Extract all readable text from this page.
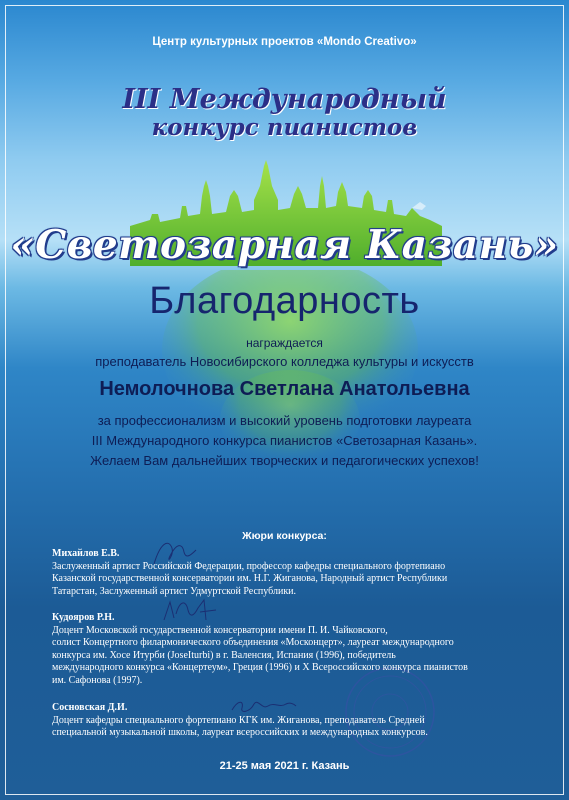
Центр культурных проектов «Mondo Creativo»
III Международный
конкурс пианистов
«Светозарная Казань»
Благодарность
награждается
преподаватель Новосибирского колледжа культуры и искусств
Немолочнова Светлана Анатольевна
за профессионализм и высокий уровень подготовки лауреата
III Международного конкурса пианистов «Светозарная Казань».
Желаем Вам дальнейших творческих и педагогических успехов!
Жюри конкурса:
Михайлов Е.В.
Заслуженный артист Российской Федерации, профессор кафедры специального фортепиано
Казанской государственной консерватории им. Н.Г. Жиганова, Народный артист Республики
Татарстан, Заслуженный артист Удмуртской Республики.
Кудояров Р.Н.
Доцент Московской государственной консерватории имени П. И. Чайковского,
солист Концертного филармонического объединения «Москонцерт», лауреат международного
конкурса им. Хосе Итурби (JoseIturbi) в г. Валенсия, Испания (1996), победитель
международного конкурса «Концертеум», Греция (1996) и X Всероссийского конкурса пианистов
им. Сафонова (1997).
Сосновская Д.И.
Доцент кафедры специального фортепиано КГК им. Жиганова, преподаватель Средней
специальной музыкальной школы, лауреат всероссийских и международных конкурсов.
21-25 мая 2021 г. Казань
